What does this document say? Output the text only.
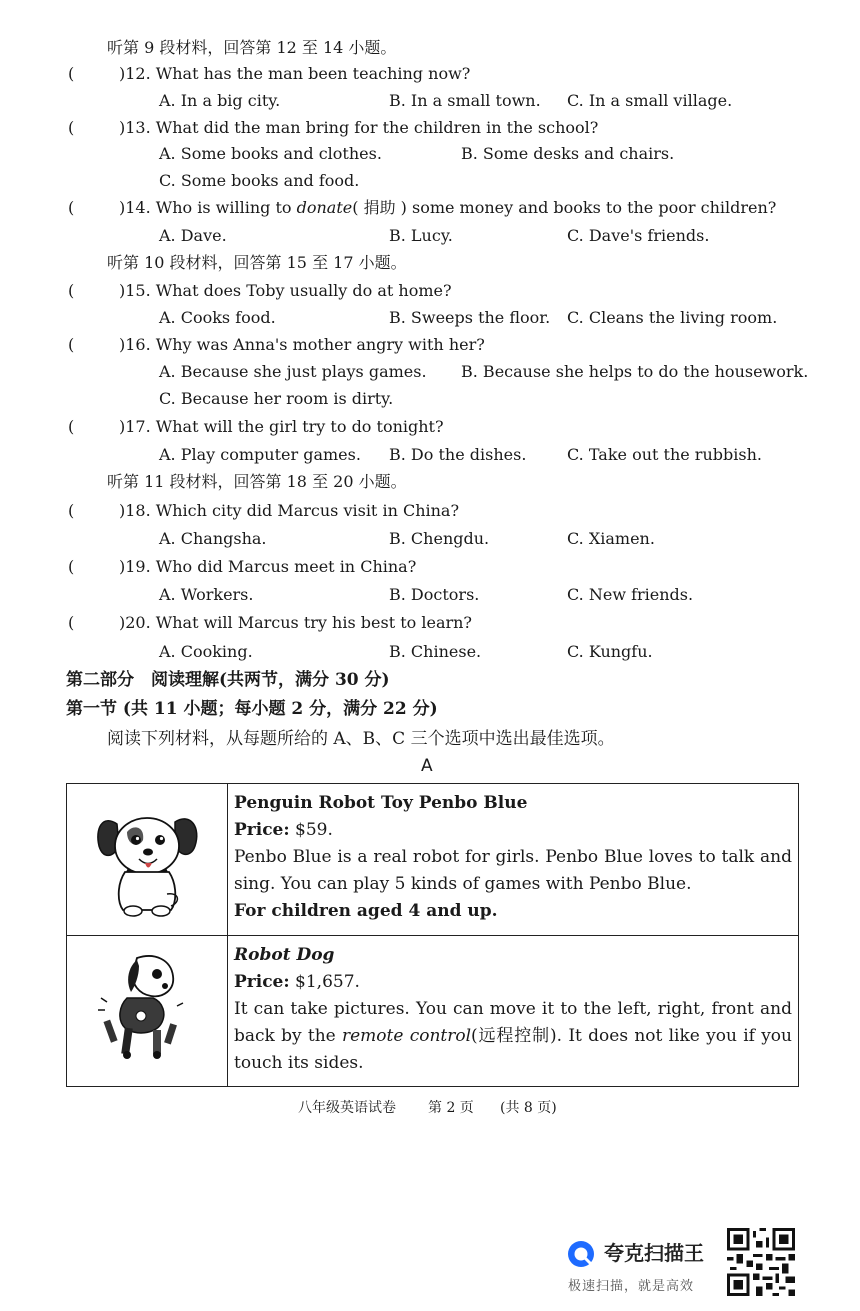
听第 9 段材料，回答第 12 至 14 小题。
(	)12. What has the man been teaching now?
A. In a big city.	B. In a small town. C. In a small village.
(	)13. What did the man bring for the children in the school?
A. Some books and clothes.	B. Some desks and chairs.
C. Some books and food.
(	)14. Who is willing to donate( 捐助 ) some money and books to the poor children?
A. Dave.	B. Lucy.	C. Dave's friends.
听第 10 段材料，回答第 15 至 17 小题。
(	)15. What does Toby usually do at home?
A. Cooks food.	B. Sweeps the floor. C. Cleans the living room.
(	)16. Why was Anna's mother angry with her?
A. Because she just plays games. B. Because she helps to do the housework.
C. Because her room is dirty.
(	)17. What will the girl try to do tonight?
A. Play computer games. B. Do the dishes.	C. Take out the rubbish.
听第 11 段材料，回答第 18 至 20 小题。
(	)18. Which city did Marcus visit in China?
A. Changsha.	B. Chengdu.	C. Xiamen.
(	)19. Who did Marcus meet in China?
A. Workers.	B. Doctors.	C. New friends.
(	)20. What will Marcus try his best to learn?
A. Cooking.	B. Chinese.	C. Kungfu.
第二部分　阅读理解(共两节，满分 30 分)
第一节 (共 11 小题；每小题 2 分，满分 22 分)
阅读下列材料，从每题所给的 A、B、C 三个选项中选出最佳选项。
A

Penguin Robot Toy Penbo Blue

Price: $59.

Penbo Blue is a real robot for girls. Penbo Blue loves to talk and sing. You can play 5 kinds of games with Penbo Blue.

For children aged 4 and up.

Robot Dog

Price: $1,657.

It can take pictures. You can move it to the left, right, front and back by the remote control(远程控制). It does not like you if you touch its sides.

八年级英语试卷 第 2 页 (共 8 页)
夸克扫描王
极速扫描，就是高效
